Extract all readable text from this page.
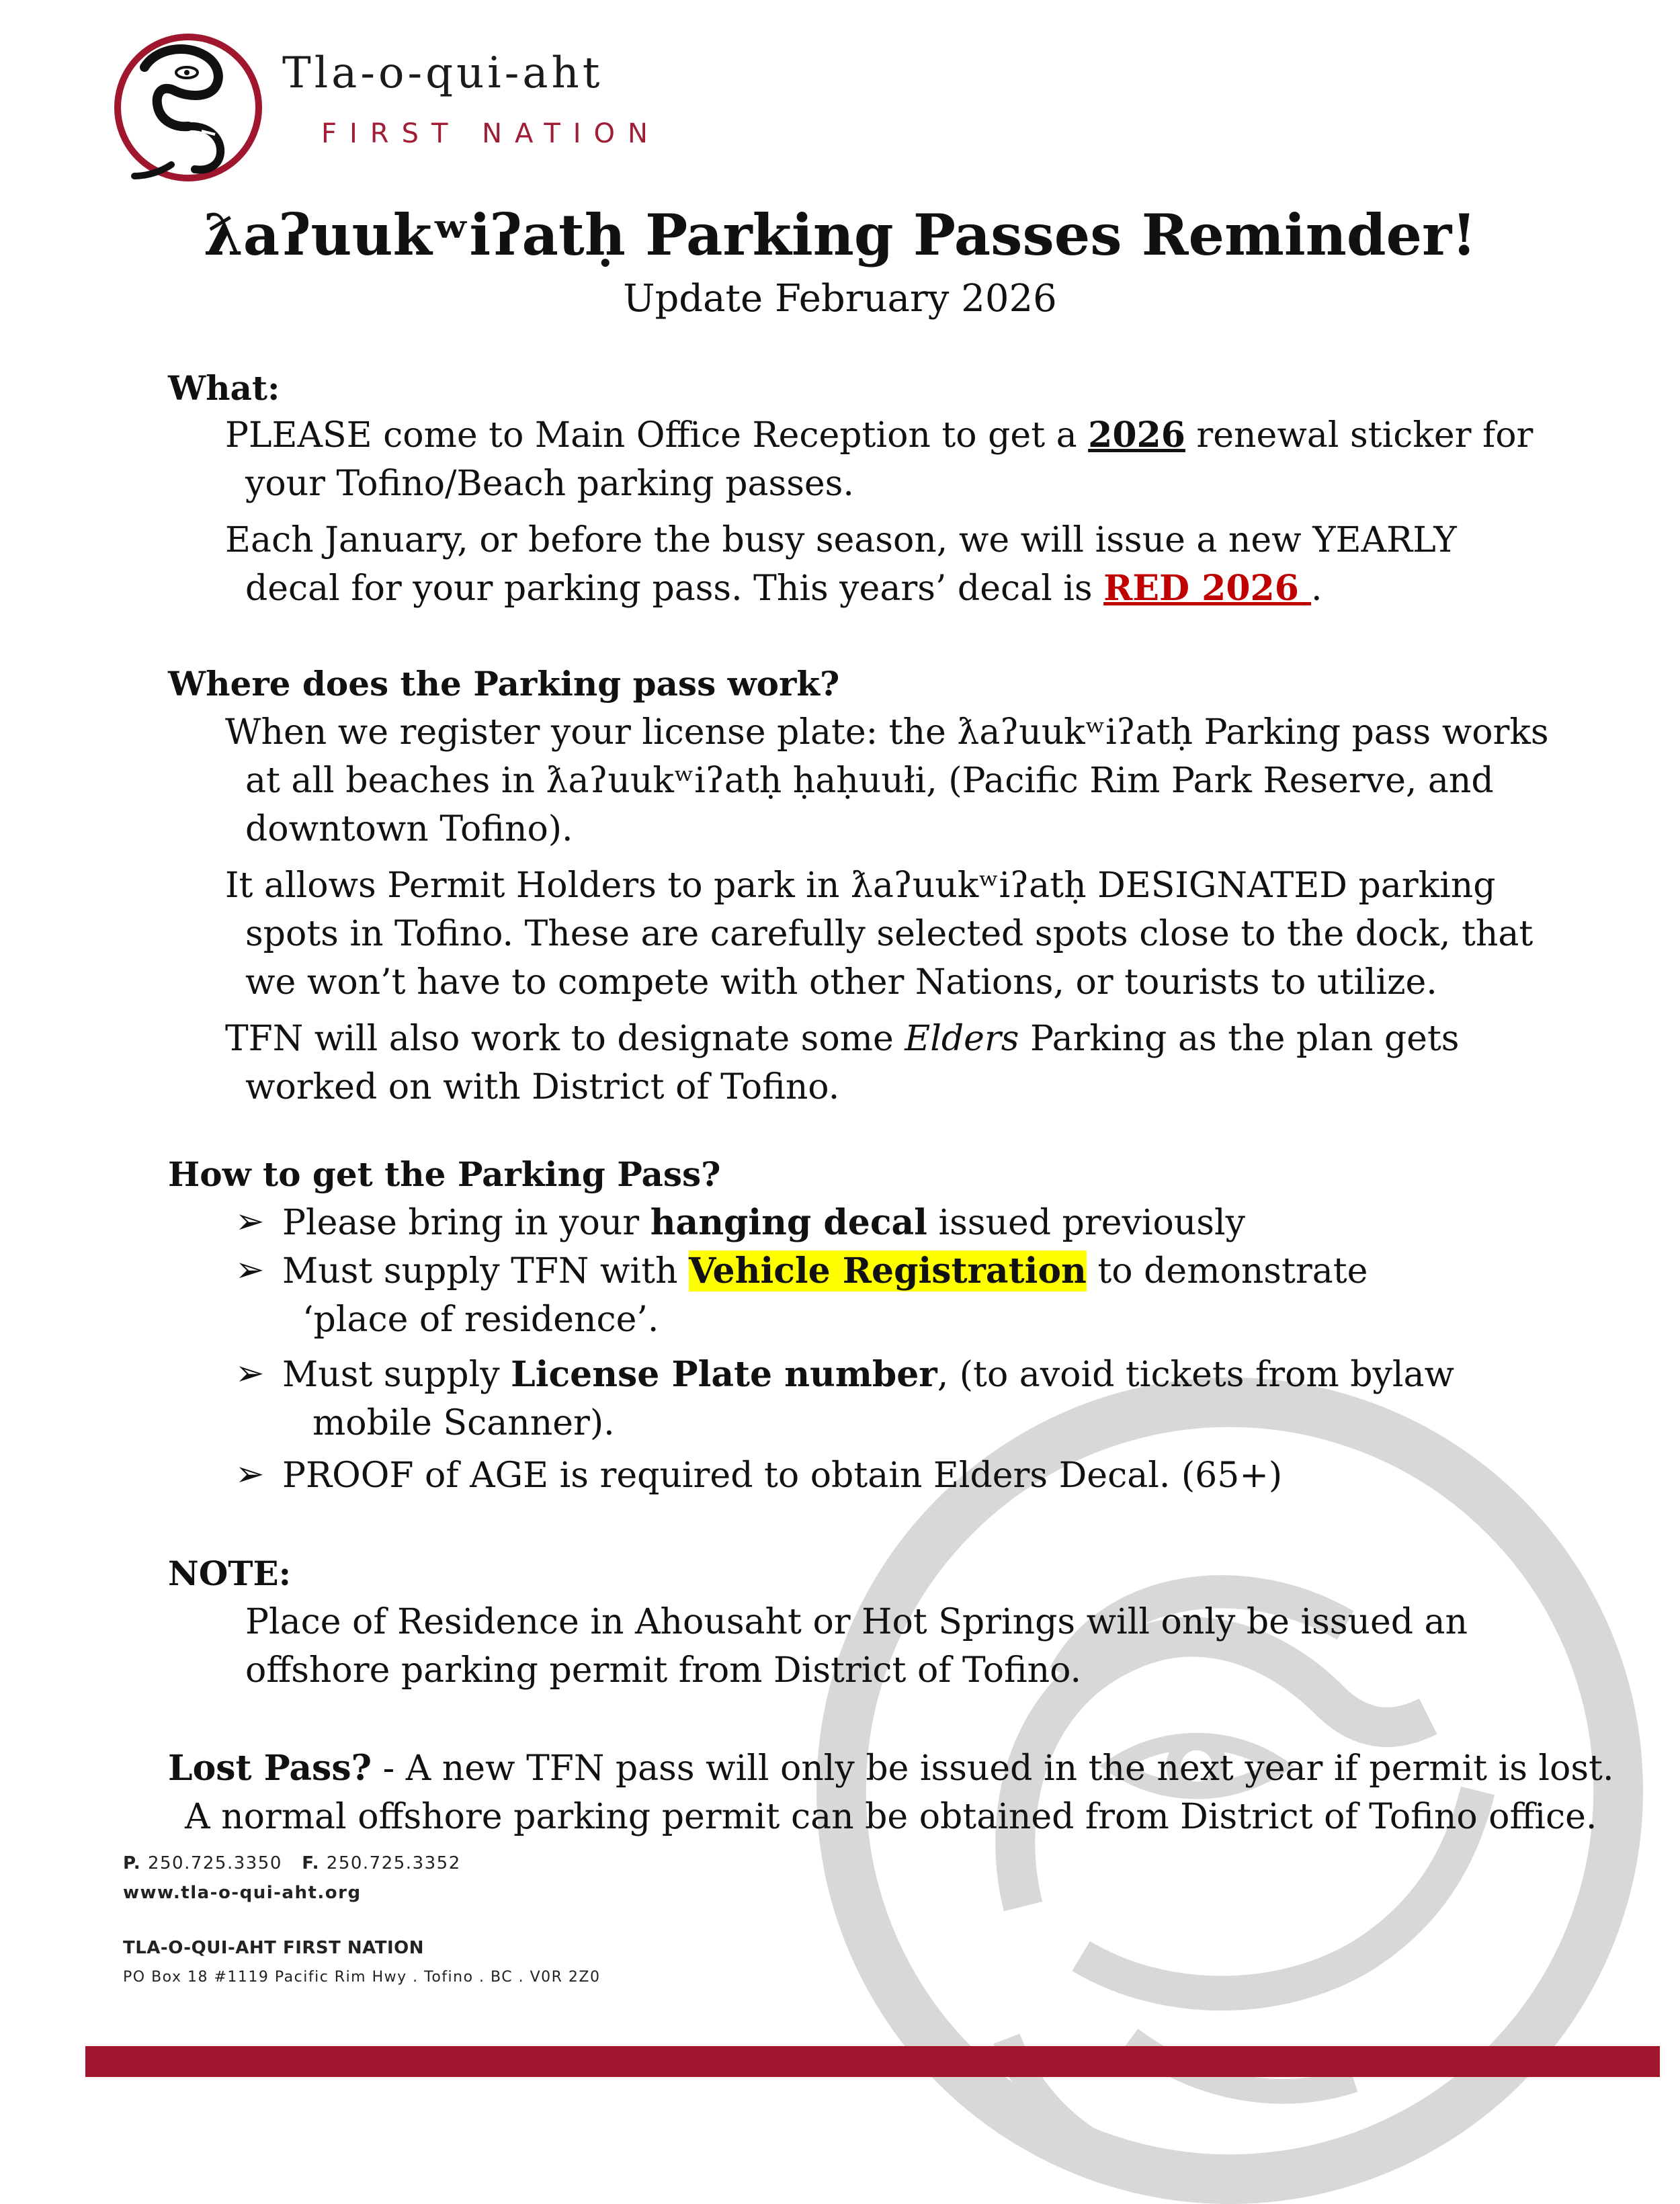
Tla-o-qui-aht
FIRST NATION
ƛaʔuukʷiʔatḥ Parking Passes Reminder!
Update February 2026
What:
PLEASE come to Main Office Reception to get a 2026 renewal sticker for
your Tofino/Beach parking passes.
Each January, or before the busy season, we will issue a new YEARLY
decal for your parking pass. This years’ decal is RED 2026 .
Where does the Parking pass work?
When we register your license plate: the ƛaʔuukʷiʔatḥ Parking pass works
at all beaches in ƛaʔuukʷiʔatḥ ḥaḥuułi, (Pacific Rim Park Reserve, and
downtown Tofino).
It allows Permit Holders to park in ƛaʔuukʷiʔatḥ DESIGNATED parking
spots in Tofino. These are carefully selected spots close to the dock, that
we won’t have to compete with other Nations, or tourists to utilize.
TFN will also work to designate some Elders Parking as the plan gets
worked on with District of Tofino.
How to get the Parking Pass?
➢ Please bring in your hanging decal issued previously
➢ Must supply TFN with Vehicle Registration to demonstrate
‘place of residence’.
➢ Must supply License Plate number, (to avoid tickets from bylaw
mobile Scanner).
➢ PROOF of AGE is required to obtain Elders Decal. (65+)
NOTE:
Place of Residence in Ahousaht or Hot Springs will only be issued an
offshore parking permit from District of Tofino.
Lost Pass? - A new TFN pass will only be issued in the next year if permit is lost.
A normal offshore parking permit can be obtained from District of Tofino office.
P. 250.725.3350 F. 250.725.3352
www.tla-o-qui-aht.org
TLA-O-QUI-AHT FIRST NATION
PO Box 18 #1119 Pacific Rim Hwy . Tofino . BC . V0R 2Z0
